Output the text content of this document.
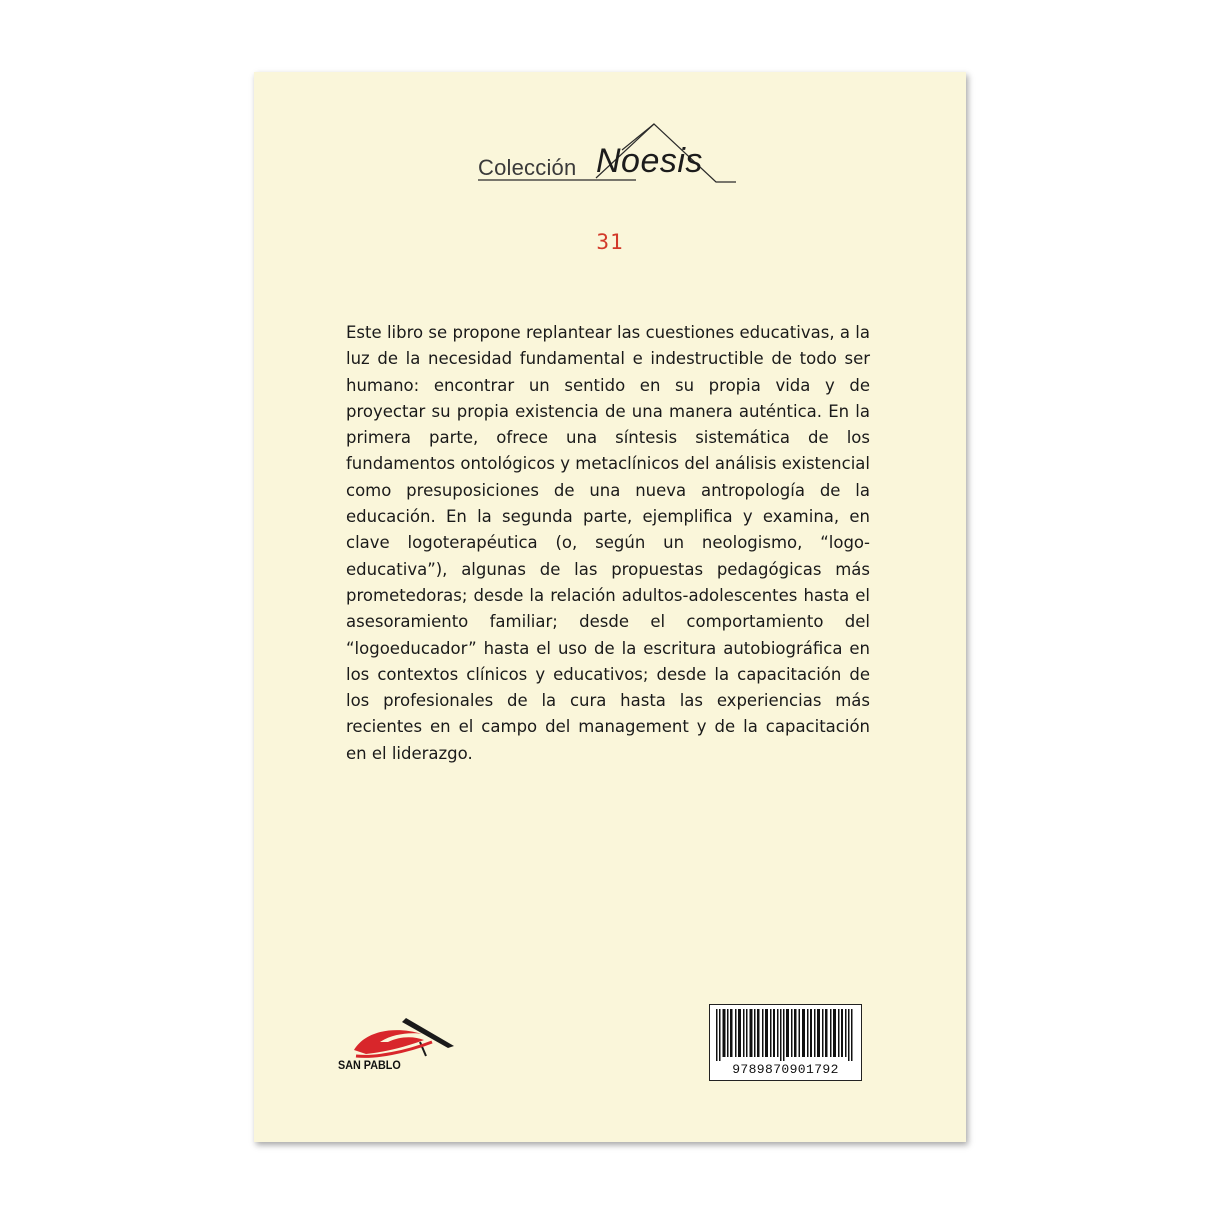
Colección Noesis
31
Este libro se propone replantear las cuestiones educativas, a la luz de la necesidad fundamental e indestructible de todo ser humano: encontrar un sentido en su propia vida y de proyectar su propia existencia de una manera auténtica. En la primera parte, ofrece una síntesis sistemática de los fundamentos ontológicos y metaclínicos del análisis existencial como presuposiciones de una nueva antropología de la educación. En la segunda parte, ejemplifica y examina, en clave logoterapéutica (o, según un neologismo, “logoeducativa”), algunas de las propuestas pedagógicas más prometedoras; desde la relación adultos-adolescentes hasta el asesoramiento familiar; desde el comportamiento del “logoeducador” hasta el uso de la escritura autobiográfica en los contextos clínicos y educativos; desde la capacitación de los profesionales de la cura hasta las experiencias más recientes en el campo del management y de la capacitación en el liderazgo.
SAN PABLO	9789870901792
